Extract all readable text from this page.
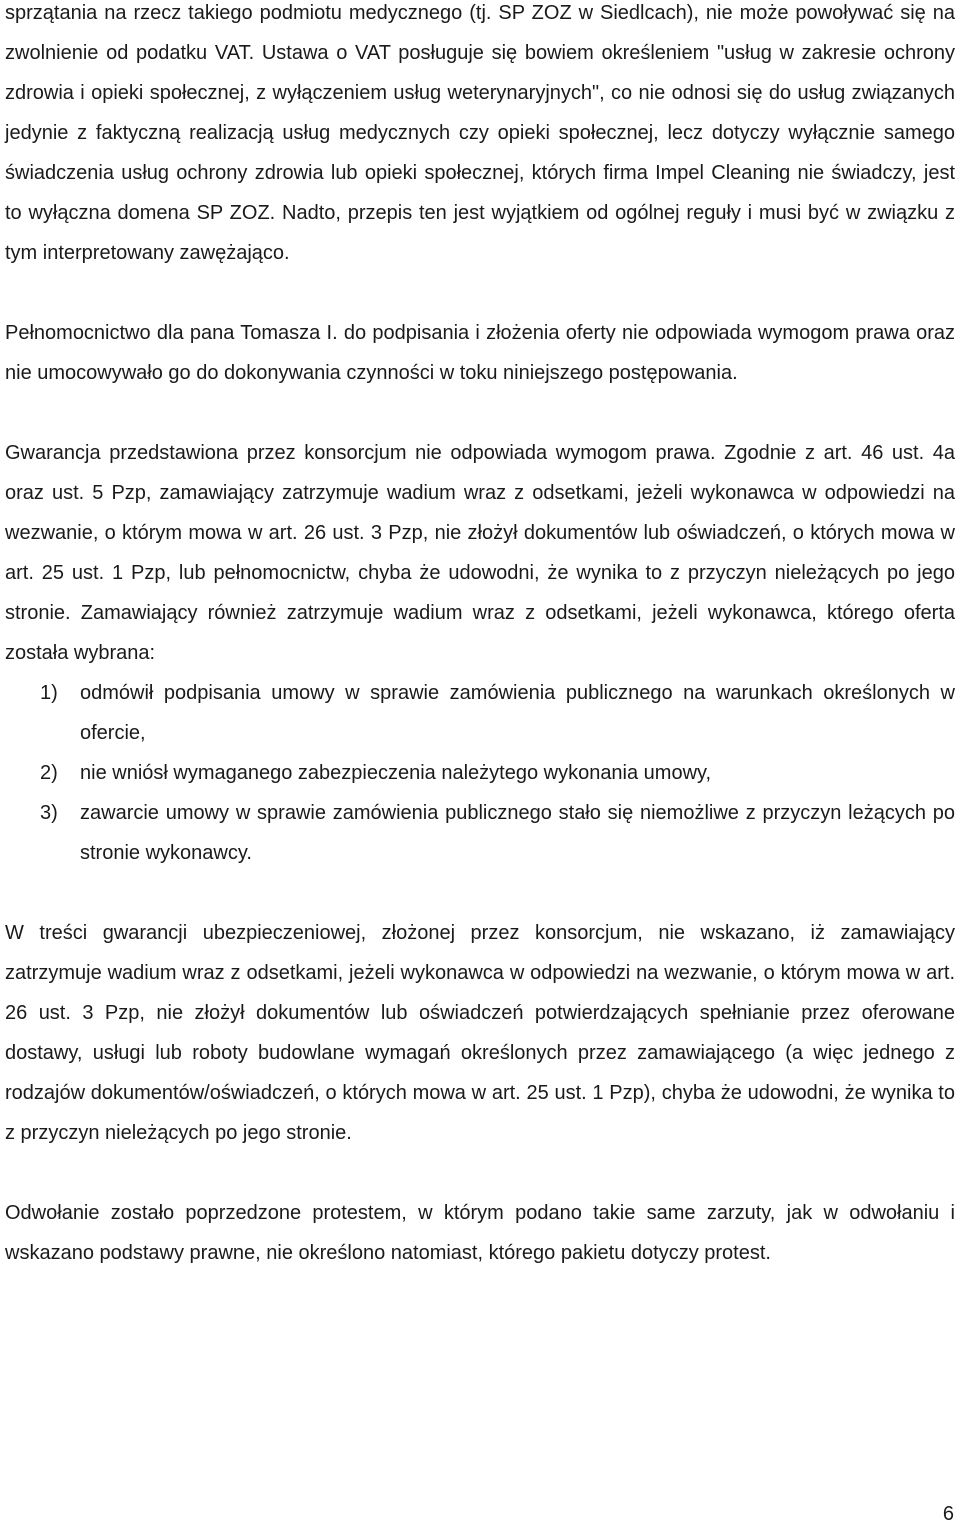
sprzątania na rzecz takiego podmiotu medycznego (tj. SP ZOZ w Siedlcach), nie może powoływać się na zwolnienie od podatku VAT. Ustawa o VAT posługuje się bowiem określeniem "usług w zakresie ochrony zdrowia i opieki społecznej, z wyłączeniem usług weterynaryjnych", co nie odnosi się do usług związanych jedynie z faktyczną realizacją usług medycznych czy opieki społecznej, lecz dotyczy wyłącznie samego świadczenia usług ochrony zdrowia lub opieki społecznej, których firma Impel Cleaning nie świadczy, jest to wyłączna domena SP ZOZ. Nadto, przepis ten jest wyjątkiem od ogólnej reguły i musi być w związku z tym interpretowany zawężająco.

Pełnomocnictwo dla pana Tomasza I. do podpisania i złożenia oferty nie odpowiada wymogom prawa oraz nie umocowywało go do dokonywania czynności w toku niniejszego postępowania.

Gwarancja przedstawiona przez konsorcjum nie odpowiada wymogom prawa. Zgodnie z art. 46 ust. 4a oraz ust. 5 Pzp, zamawiający zatrzymuje wadium wraz z odsetkami, jeżeli wykonawca w odpowiedzi na wezwanie, o którym mowa w art. 26 ust. 3 Pzp, nie złożył dokumentów lub oświadczeń, o których mowa w art. 25 ust. 1 Pzp, lub pełnomocnictw, chyba że udowodni, że wynika to z przyczyn nieleżących po jego stronie. Zamawiający również zatrzymuje wadium wraz z odsetkami, jeżeli wykonawca, którego oferta została wybrana:

1) odmówił podpisania umowy w sprawie zamówienia publicznego na warunkach określonych w ofercie,
2) nie wniósł wymaganego zabezpieczenia należytego wykonania umowy,
3) zawarcie umowy w sprawie zamówienia publicznego stało się niemożliwe z przyczyn leżących po stronie wykonawcy.

W treści gwarancji ubezpieczeniowej, złożonej przez konsorcjum, nie wskazano, iż zamawiający zatrzymuje wadium wraz z odsetkami, jeżeli wykonawca w odpowiedzi na wezwanie, o którym mowa w art. 26 ust. 3 Pzp, nie złożył dokumentów lub oświadczeń potwierdzających spełnianie przez oferowane dostawy, usługi lub roboty budowlane wymagań określonych przez zamawiającego (a więc jednego z rodzajów dokumentów/oświadczeń, o których mowa w art. 25 ust. 1 Pzp), chyba że udowodni, że wynika to z przyczyn nieleżących po jego stronie.

Odwołanie zostało poprzedzone protestem, w którym podano takie same zarzuty, jak w odwołaniu i wskazano podstawy prawne, nie określono natomiast, którego pakietu dotyczy protest.

6
